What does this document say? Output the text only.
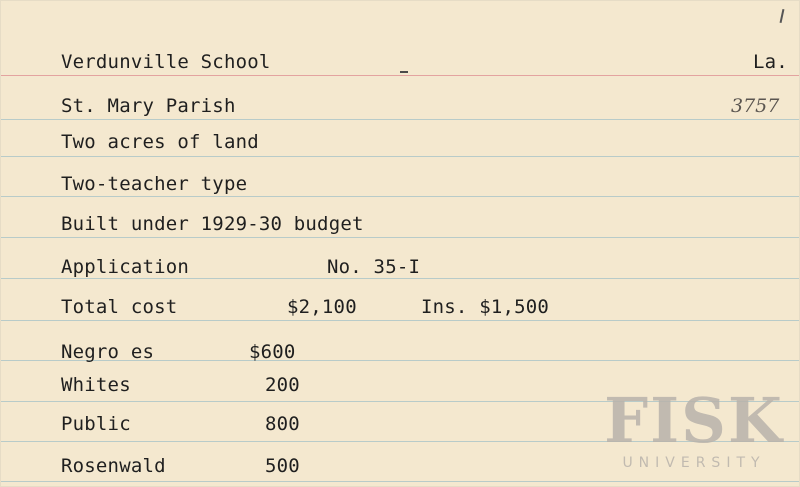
Verdunville School	La.
St. Mary Parish	3757
Two acres of land
Two-teacher type
Built under 1929-30 budget
Application	No. 35-I
Total cost	$2,100	Ins. $1,500
Negro es	$600
Whites	200
Public	800
Rosenwald	500
FISK
UNIVERSITY
